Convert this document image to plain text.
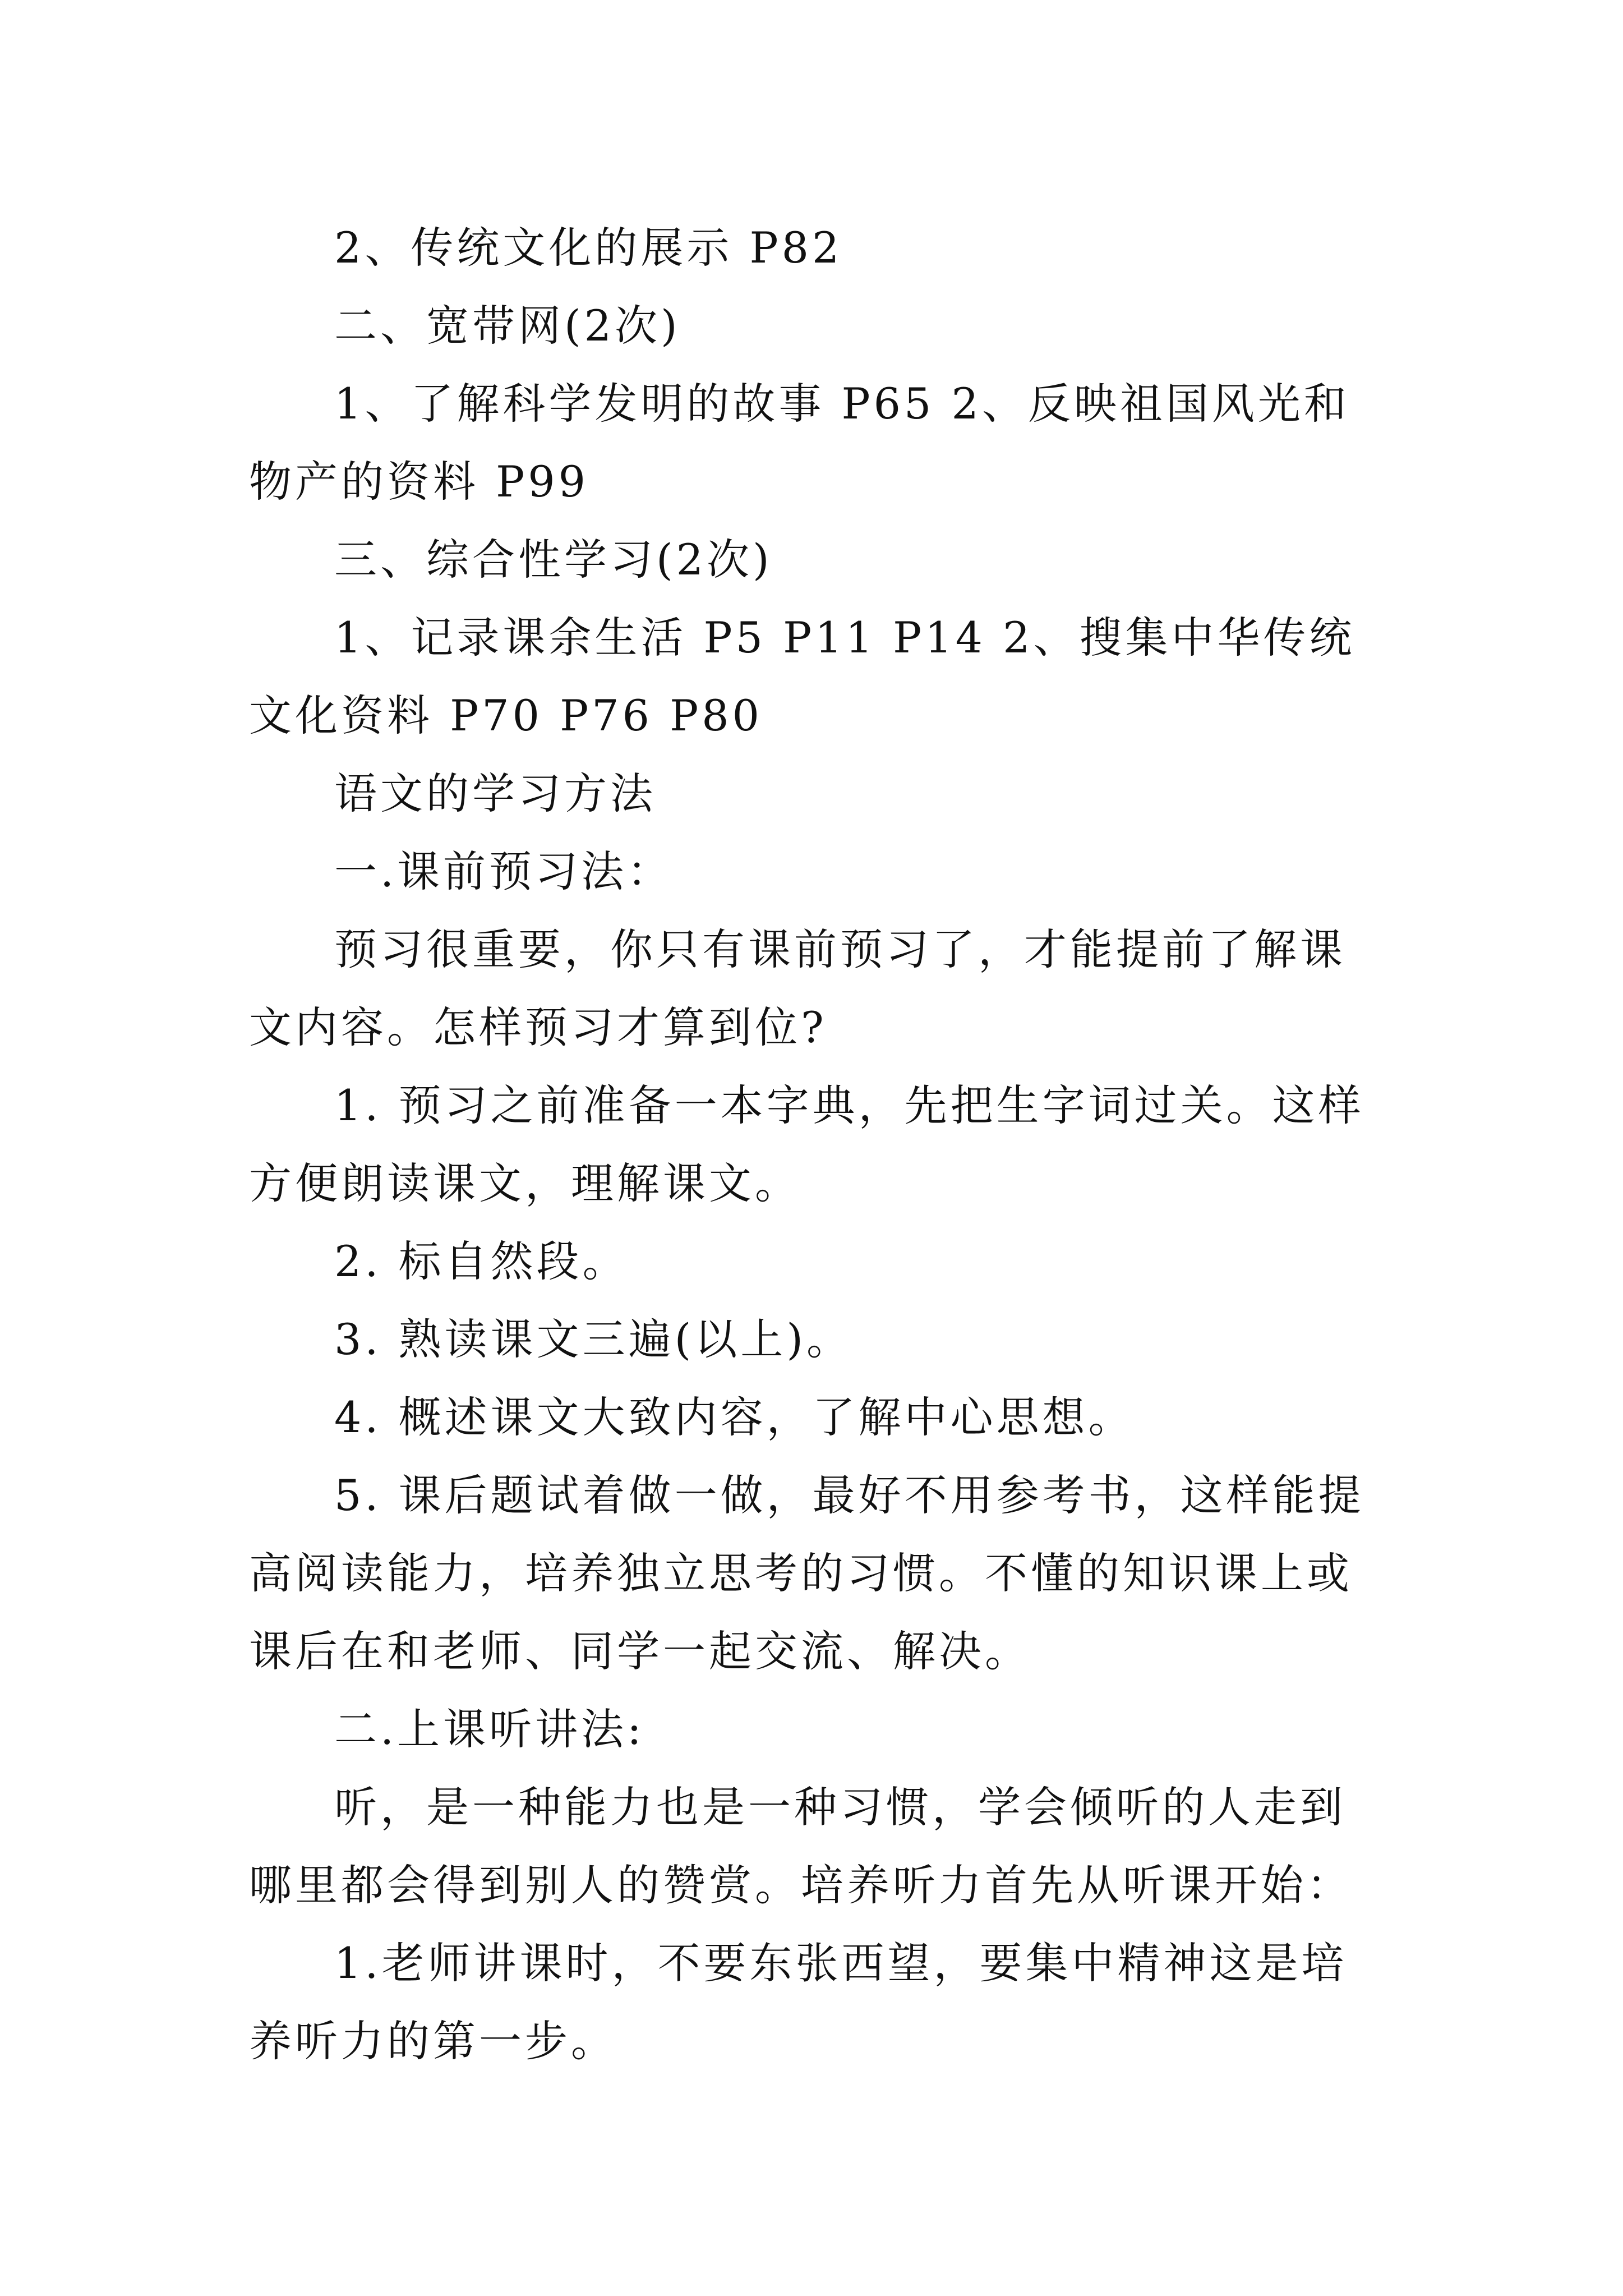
2、传统文化的展示 P82

二、宽带网(2次)

1、了解科学发明的故事 P65 2、反映祖国风光和物产的资料 P99

三、综合性学习(2次)

1、记录课余生活 P5 P11 P14 2、搜集中华传统文化资料 P70 P76 P80

语文的学习方法

一.课前预习法：

预习很重要，你只有课前预习了，才能提前了解课文内容。怎样预习才算到位?

1. 预习之前准备一本字典，先把生字词过关。这样方便朗读课文，理解课文。

2. 标自然段。

3. 熟读课文三遍(以上)。

4. 概述课文大致内容，了解中心思想。

5. 课后题试着做一做，最好不用参考书，这样能提高阅读能力，培养独立思考的习惯。不懂的知识课上或课后在和老师、同学一起交流、解决。

二.上课听讲法:

听，是一种能力也是一种习惯，学会倾听的人走到哪里都会得到别人的赞赏。培养听力首先从听课开始：

1.老师讲课时，不要东张西望，要集中精神这是培养听力的第一步。
